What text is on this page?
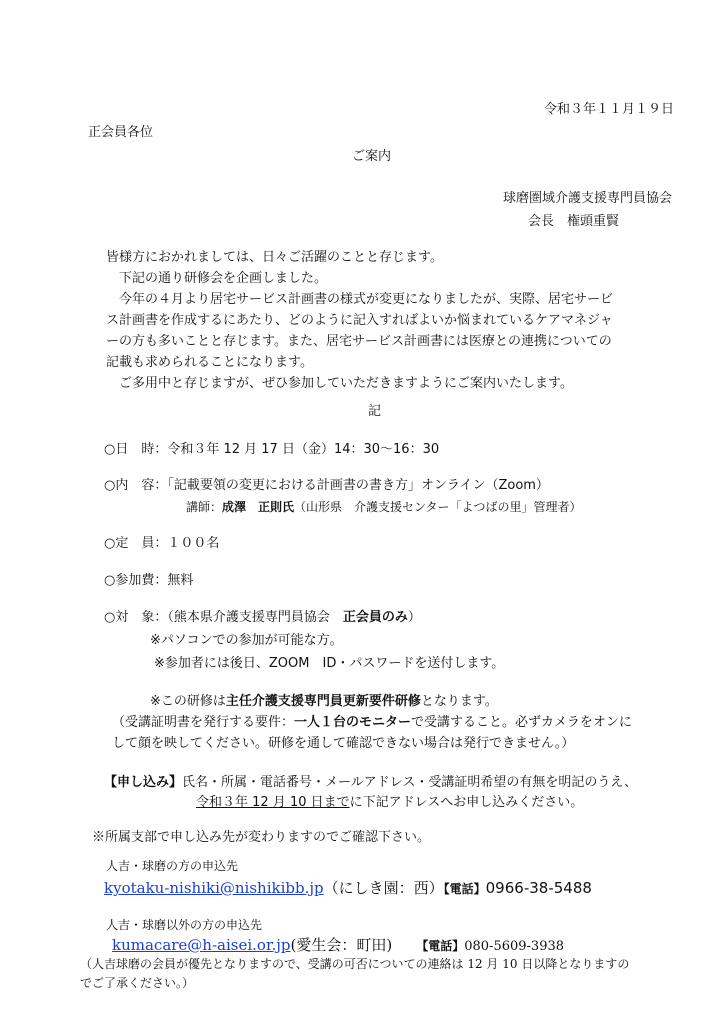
令和３年１１月１９日
正会員各位
ご案内
球磨圏域介護支援専門員協会
会長　権頭重賢
皆様方におかれましては、日々ご活躍のことと存じます。
　下記の通り研修会を企画しました。
　今年の４月より居宅サービス計画書の様式が変更になりましたが、実際、居宅サービ
ス計画書を作成するにあたり、どのように記入すればよいか悩まれているケアマネジャ
ーの方も多いことと存じます。また、居宅サービス計画書には医療との連携についての
記載も求められることになります。
　ご多用中と存じますが、ぜひ参加していただきますようにご案内いたします。
記
○日　時：令和３年 12 月 17 日（金）14：30～16：30
○内　容：「記載要領の変更における計画書の書き方」オンライン（Zoom）
講師：成澤　正則氏（山形県　介護支援センター「よつばの里」管理者）
○定　員：１００名
○参加費：無料
○対　象：（熊本県介護支援専門員協会　正会員のみ）
※パソコンでの参加が可能な方。
※参加者には後日、ZOOM　ID・パスワードを送付します。
※この研修は主任介護支援専門員更新要件研修となります。
（受講証明書を発行する要件：一人１台のモニターで受講すること。必ずカメラをオンに
して顔を映してください。研修を通して確認できない場合は発行できません。）
【申し込み】氏名・所属・電話番号・メールアドレス・受講証明希望の有無を明記のうえ、
令和３年 12 月 10 日までに下記アドレスへお申し込みください。
※所属支部で申し込み先が変わりますのでご確認下さい。
人吉・球磨の方の申込先
kyotaku-nishiki@nishikibb.jp（にしき園：西）【電話】0966-38-5488
人吉・球磨以外の方の申込先
kumacare@h-aisei.or.jp(愛生会：町田) 【電話】080-5609-3938
（人吉球磨の会員が優先となりますので、受講の可否についての連絡は 12 月 10 日以降となりますの
でご了承ください。）
